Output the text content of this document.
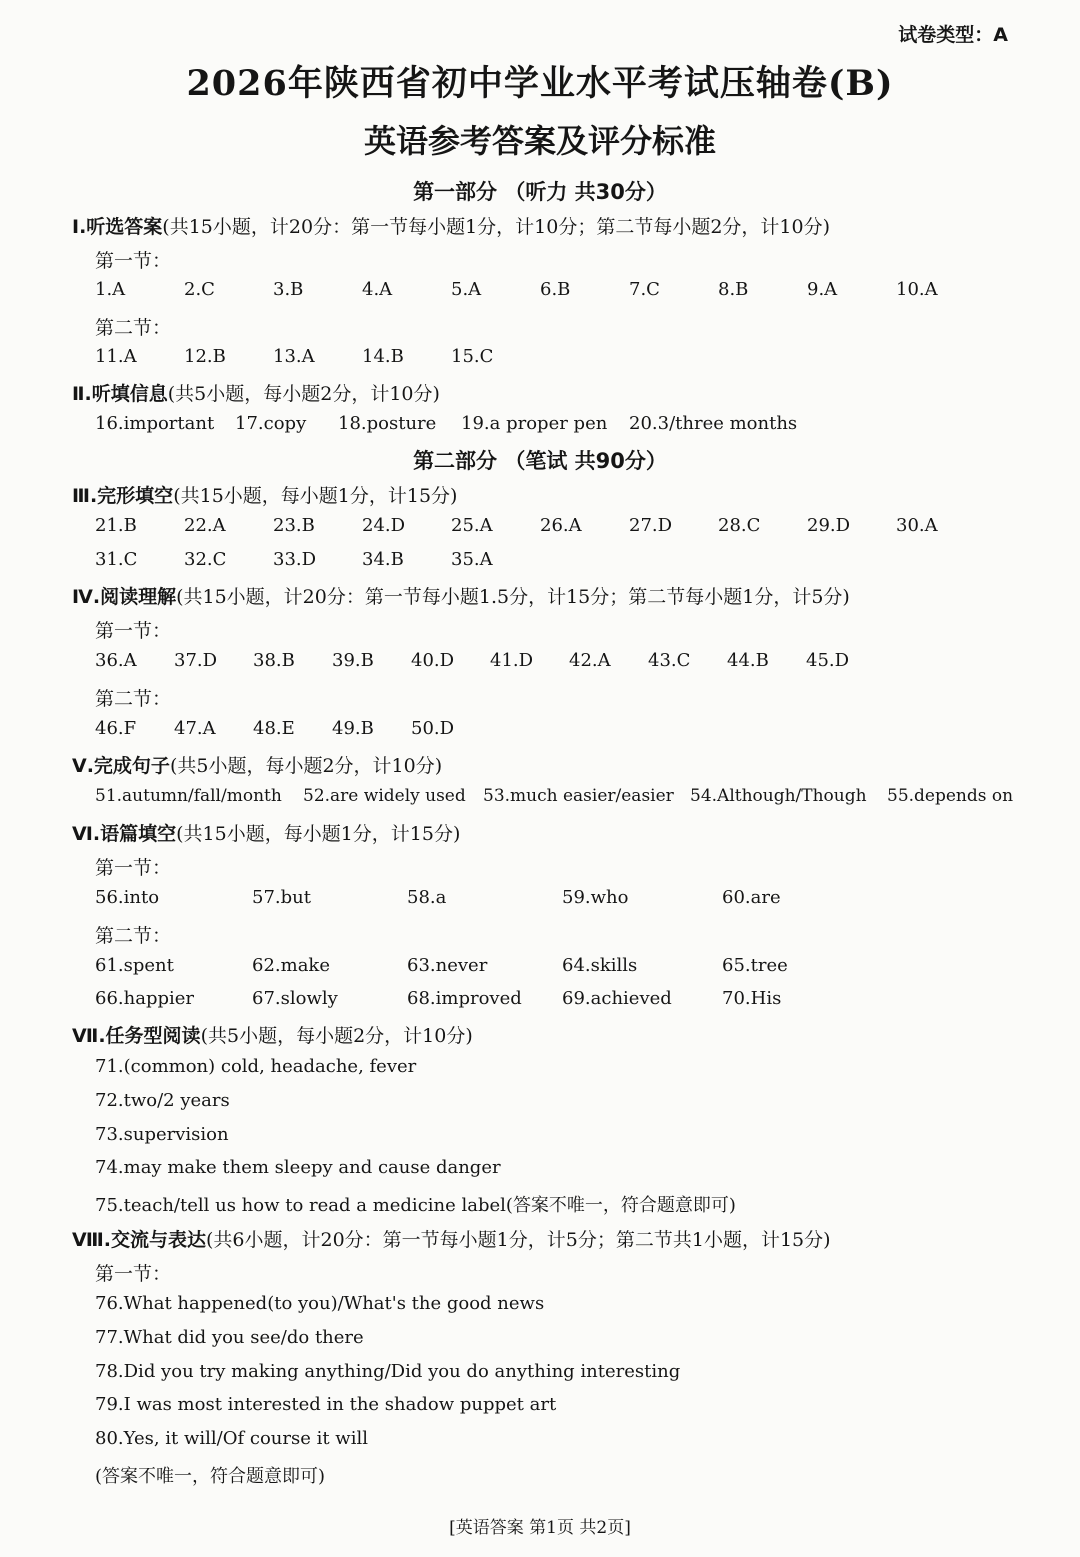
试卷类型：A
2026年陕西省初中学业水平考试压轴卷(B)
英语参考答案及评分标准
第一部分 （听力 共30分）
Ⅰ.听选答案(共15小题，计20分：第一节每小题1分，计10分；第二节每小题2分，计10分)
第一节：
1.A	2.C	3.B	4.A	5.A	6.B	7.C	8.B	9.A	10.A
第二节：
11.A	12.B	13.A	14.B	15.C
Ⅱ.听填信息(共5小题，每小题2分，计10分)
16.important 17.copy 18.posture 19.a proper pen 20.3/three months
第二部分 （笔试 共90分）
Ⅲ.完形填空(共15小题，每小题1分，计15分)
21.B	22.A	23.B	24.D	25.A	26.A	27.D	28.C	29.D	30.A
31.C	32.C	33.D	34.B	35.A
Ⅳ.阅读理解(共15小题，计20分：第一节每小题1.5分，计15分；第二节每小题1分，计5分)
第一节：
36.A 37.D 38.B 39.B 40.D 41.D 42.A 43.C 44.B 45.D
第二节：
46.F 47.A 48.E 49.B 50.D
Ⅴ.完成句子(共5小题，每小题2分，计10分)
51.autumn/fall/month 52.are widely used 53.much easier/easier 54.Although/Though 55.depends on
Ⅵ.语篇填空(共15小题，每小题1分，计15分)
第一节：
56.into	57.but	58.a	59.who	60.are
第二节：
61.spent	62.make	63.never	64.skills	65.tree
66.happier	67.slowly	68.improved 69.achieved	70.His
Ⅶ.任务型阅读(共5小题，每小题2分，计10分)
71.(common) cold, headache, fever
72.two/2 years
73.supervision
74.may make them sleepy and cause danger
75.teach/tell us how to read a medicine label(答案不唯一，符合题意即可)
Ⅷ.交流与表达(共6小题，计20分：第一节每小题1分，计5分；第二节共1小题，计15分)
第一节：
76.What happened(to you)/What's the good news
77.What did you see/do there
78.Did you try making anything/Did you do anything interesting
79.I was most interested in the shadow puppet art
80.Yes, it will/Of course it will
(答案不唯一，符合题意即可)
[英语答案 第1页 共2页]
